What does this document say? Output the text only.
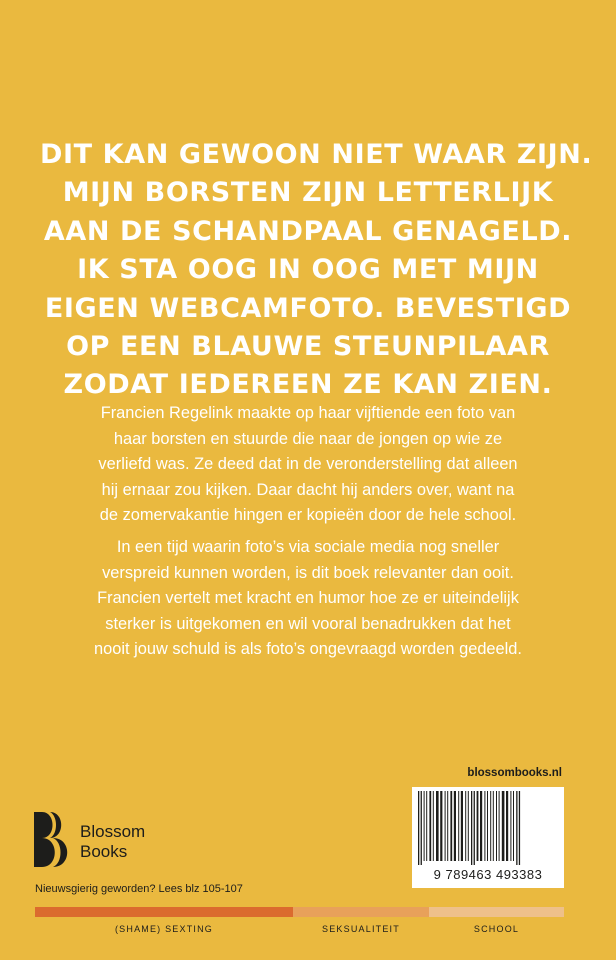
DIT KAN GEWOON NIET WAAR ZIJN.
MIJN BORSTEN ZIJN LETTERLIJK
AAN DE SCHANDPAAL GENAGELD.
IK STA OOG IN OOG MET MIJN
EIGEN WEBCAMFOTO. BEVESTIGD
OP EEN BLAUWE STEUNPILAAR
ZODAT IEDEREEN ZE KAN ZIEN.
Francien Regelink maakte op haar vijftiende een foto van
haar borsten en stuurde die naar de jongen op wie ze
verliefd was. Ze deed dat in de veronderstelling dat alleen
hij ernaar zou kijken. Daar dacht hij anders over, want na
de zomervakantie hingen er kopieën door de hele school.
In een tijd waarin foto’s via sociale media nog sneller
verspreid kunnen worden, is dit boek relevanter dan ooit.
Francien vertelt met kracht en humor hoe ze er uiteindelijk
sterker is uitgekomen en wil vooral benadrukken dat het
nooit jouw schuld is als foto’s ongevraagd worden gedeeld.
blossombooks.nl
9 789463 493383
Blossom
Books
Nieuwsgierig geworden? Lees blz 105-107
(SHAME) SEXTING	SEKSUALITEIT	SCHOOL
